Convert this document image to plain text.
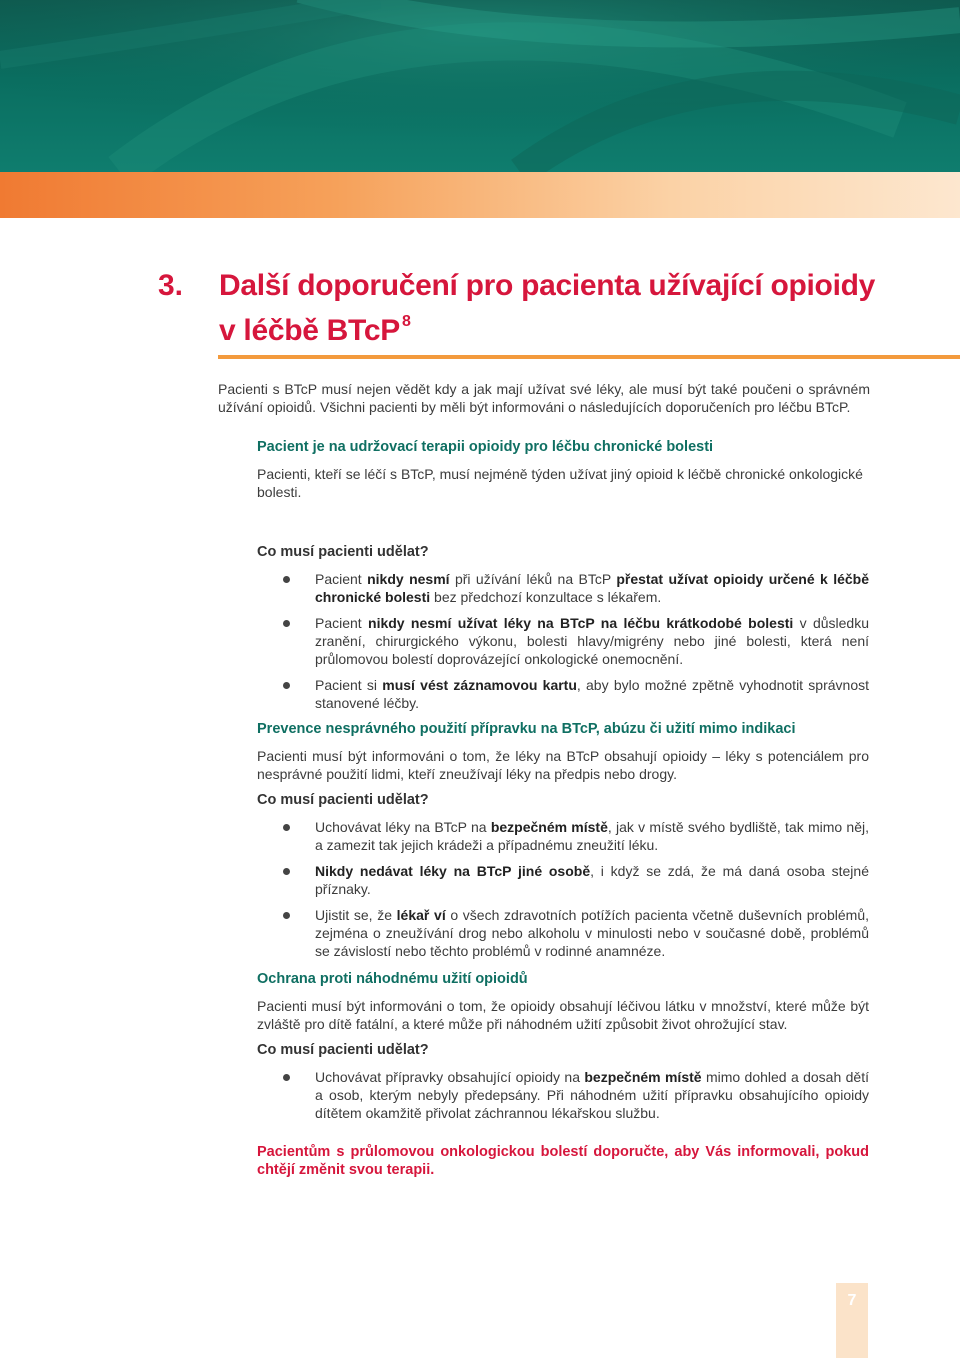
3. Další doporučení pro pacienta užívající opioidy v léčbě BTcP $^8$

Pacienti s BTcP musí nejen vědět kdy a jak mají užívat své léky, ale musí být také poučeni o správném užívání opioidů. Všichni pacienti by měli být informováni o následujících doporučeních pro léčbu BTcP.

Pacient je na udržovací terapii opioidy pro léčbu chronické bolesti

Pacienti, kteří se léčí s BTcP, musí nejméně týden užívat jiný opioid k léčbě chronické onkologické bolesti.

Co musí pacienti udělat?
Pacient nikdy nesmí při užívání léků na BTcP přestat užívat opioidy určené k léčbě chronické bolesti bez předchozí konzultace s lékařem.
Pacient nikdy nesmí užívat léky na BTcP na léčbu krátkodobé bolesti v důsledku zranění, chirurgického výkonu, bolesti hlavy/migrény nebo jiné bolesti, která není průlomovou bolestí doprovázející onkologické onemocnění.
Pacient si musí vést záznamovou kartu, aby bylo možné zpětně vyhodnotit správnost stanovené léčby.
Prevence nesprávného použití přípravku na BTcP, abúzu či užití mimo indikaci

Pacienti musí být informováni o tom, že léky na BTcP obsahují opioidy – léky s potenciálem pro nesprávné použití lidmi, kteří zneužívají léky na předpis nebo drogy.

Co musí pacienti udělat?
Uchovávat léky na BTcP na bezpečném místě, jak v místě svého bydliště, tak mimo něj, a zamezit tak jejich krádeži a případnému zneužití léku.
Nikdy nedávat léky na BTcP jiné osobě, i když se zdá, že má daná osoba stejné příznaky.
Ujistit se, že lékař ví o všech zdravotních potížích pacienta včetně duševních problémů, zejména o zneužívání drog nebo alkoholu v minulosti nebo v současné době, problémů se závislostí nebo těchto problémů v rodinné anamnéze.
Ochrana proti náhodnému užití opioidů

Pacienti musí být informováni o tom, že opioidy obsahují léčivou látku v množství, které může být zvláště pro dítě fatální, a které může při náhodném užití způsobit život ohrožující stav.

Co musí pacienti udělat?
Uchovávat přípravky obsahující opioidy na bezpečném místě mimo dohled a dosah dětí a osob, kterým nebyly předepsány. Při náhodném užití přípravku obsahujícího opioidy dítětem okamžitě přivolat záchrannou lékařskou službu.
Pacientům s průlomovou onkologickou bolestí doporučte, aby Vás informovali, pokud chtějí změnit svou terapii.
7
